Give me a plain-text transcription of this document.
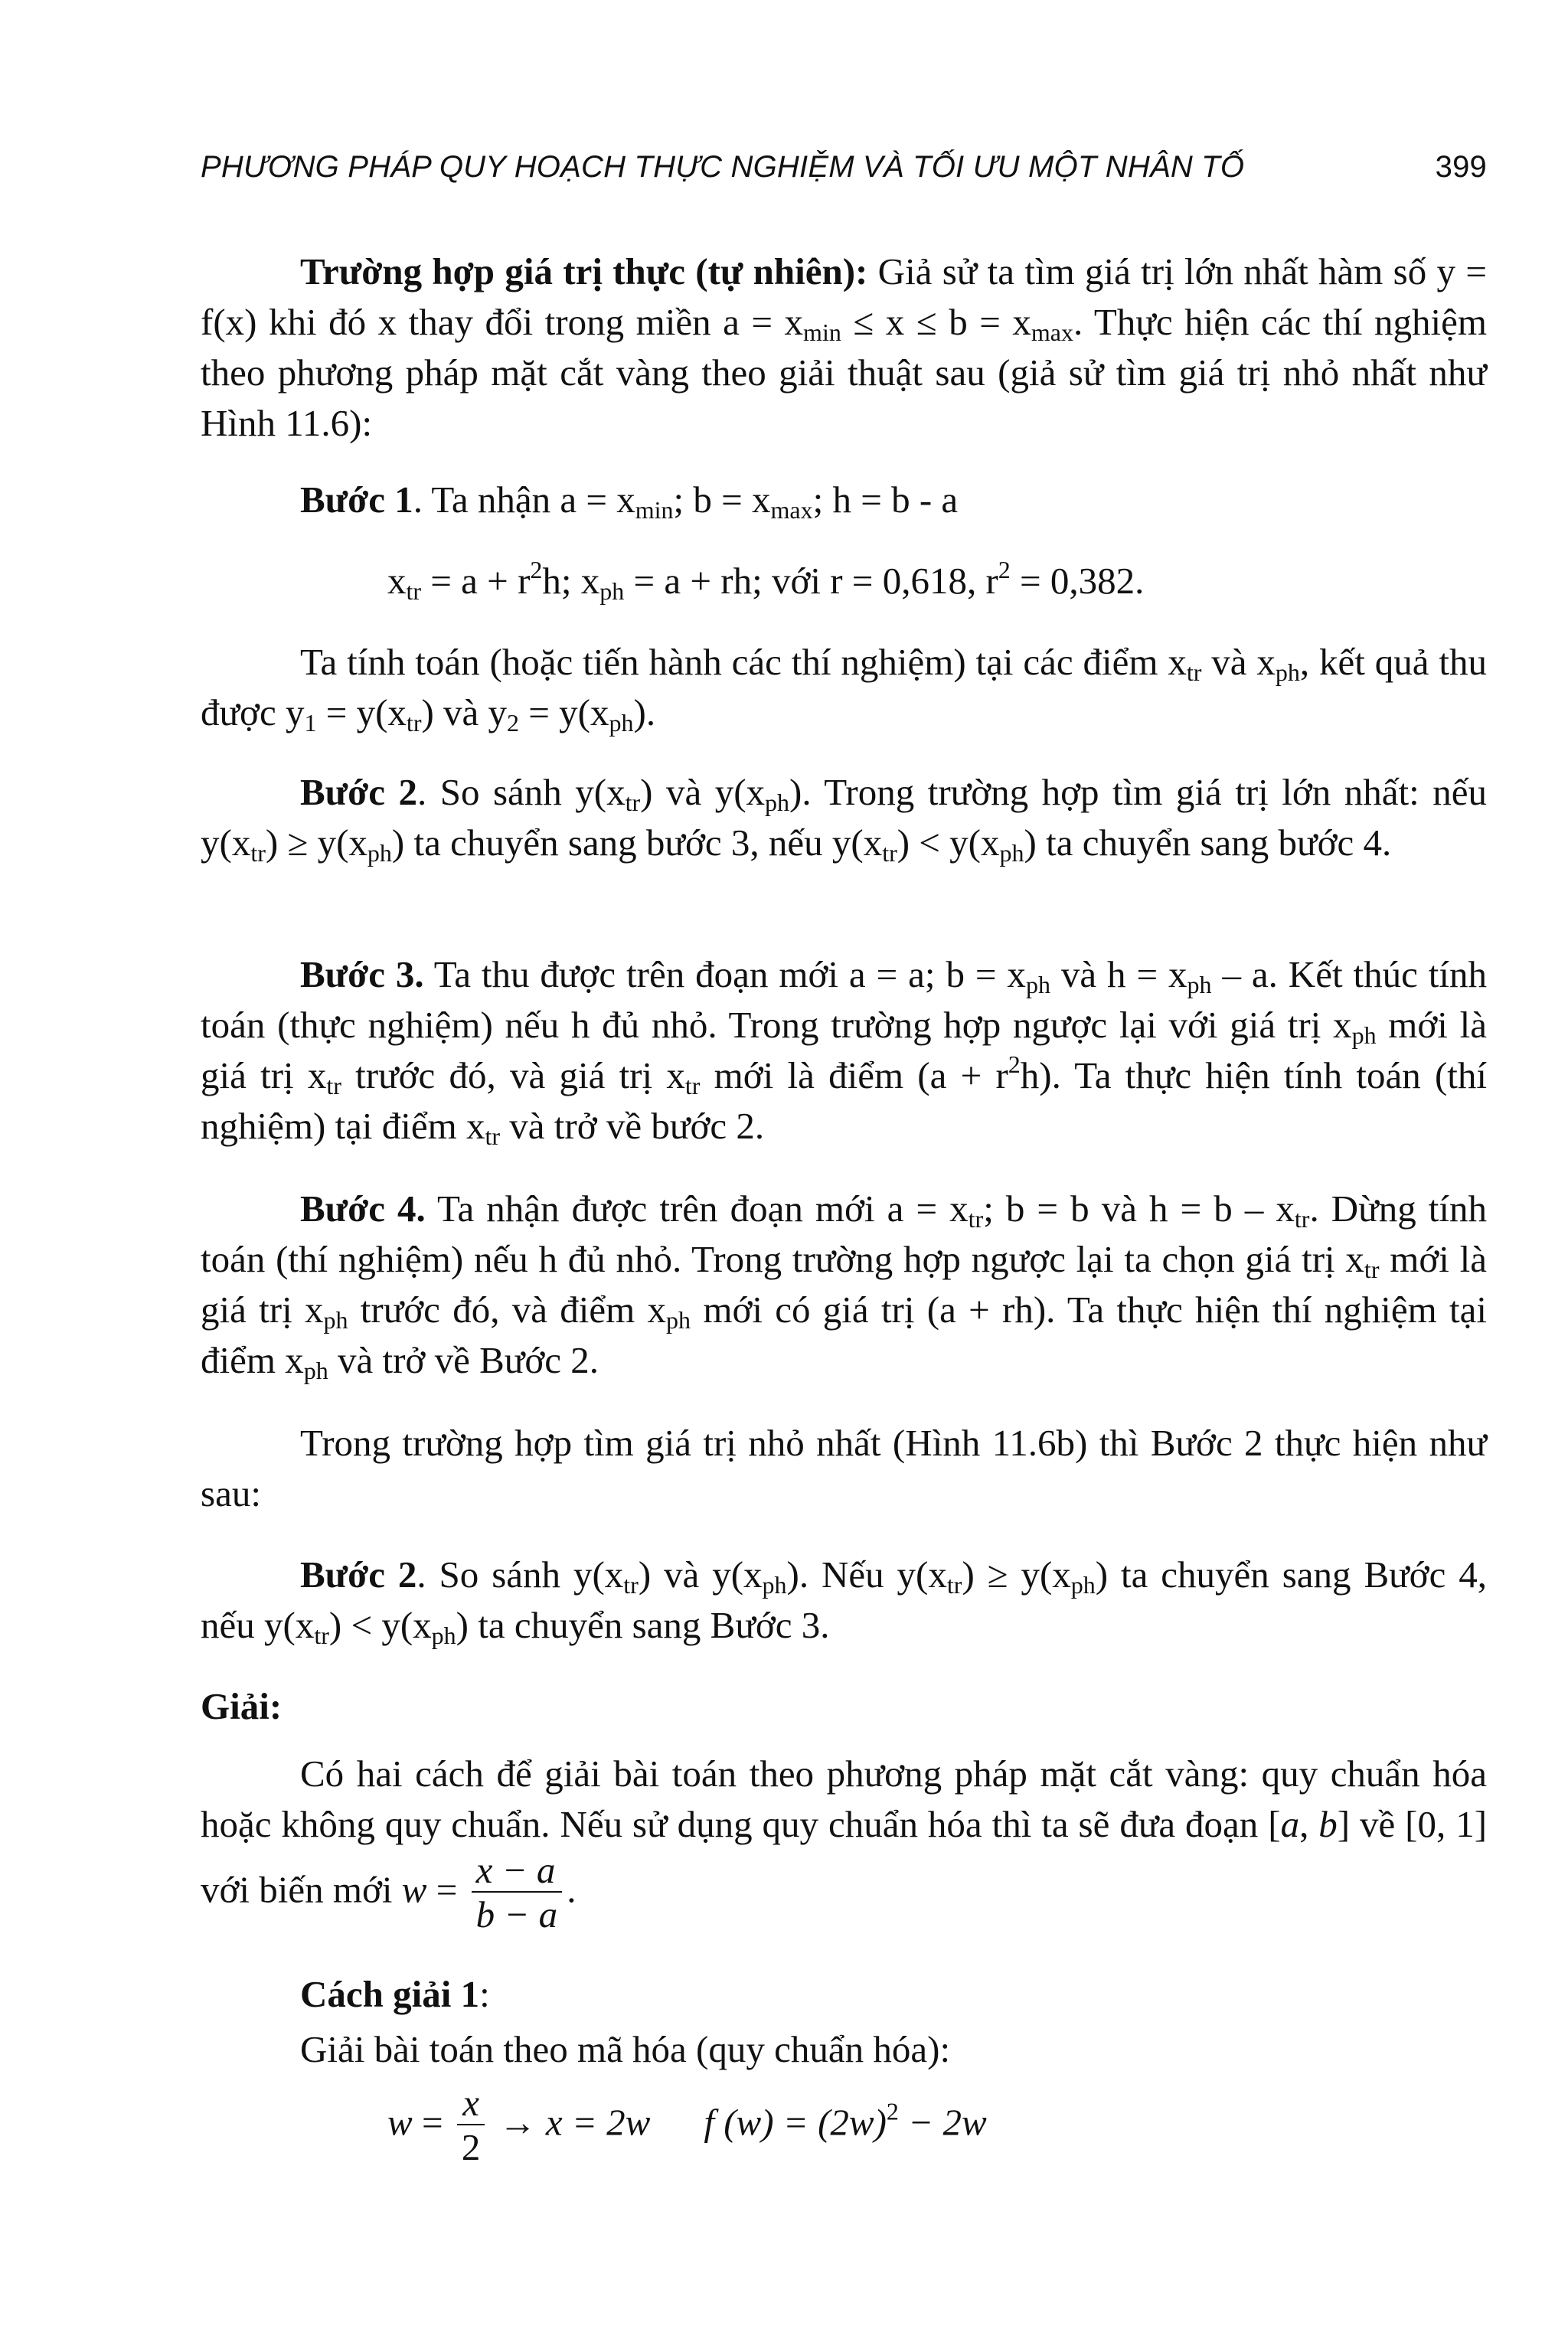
PHƯƠNG PHÁP QUY HOẠCH THỰC NGHIỆM VÀ TỐI ƯU MỘT NHÂN TỐ	399
Trường hợp giá trị thực (tự nhiên): Giả sử ta tìm giá trị lớn nhất hàm số y = f(x) khi đó x thay đổi trong miền $a = x_{min} \le x \le b = x_{max}$. Thực hiện các thí nghiệm theo phương pháp mặt cắt vàng theo giải thuật sau (giả sử tìm giá trị nhỏ nhất như Hình 11.6):
Bước 1. Ta nhận $a = x_{min}$; $b = x_{max}$; h = b - a
$x_{tr} = a + r^2h$; $x_{ph} = a$ + rh; với r = 0,618, $r^2 = 0,382$.
Ta tính toán (hoặc tiến hành các thí nghiệm) tại các điểm $x_{tr}$ và $x_{ph}$, kết quả thu được $y_1 = y(x_{tr})$ và $y_2 = y(x_{ph})$.
Bước 2. So sánh $y(x_{tr})$ và $y(x_{ph})$. Trong trường hợp tìm giá trị lớn nhất: nếu $y(x_{tr}) \ge y(x_{ph})$ ta chuyển sang bước 3, nếu $y(x_{tr}) < y(x_{ph})$ ta chuyển sang bước 4.
Bước 3. Ta thu được trên đoạn mới a = a; $b = x_{ph}$ và $h = x_{ph} - a$. Kết thúc tính toán (thực nghiệm) nếu h đủ nhỏ. Trong trường hợp ngược lại với giá trị $x_{ph}$ mới là giá trị $x_{tr}$ trước đó, và giá trị $x_{tr}$ mới là điểm $(a + r^2h)$. Ta thực hiện tính toán (thí nghiệm) tại điểm $x_{tr}$ và trở về bước 2.
Bước 4. Ta nhận được trên đoạn mới $a = x_{tr}$; b = b và $h = b - x_{tr}$. Dừng tính toán (thí nghiệm) nếu h đủ nhỏ. Trong trường hợp ngược lại ta chọn giá trị $x_{tr}$ mới là giá trị $x_{ph}$ trước đó, và điểm $x_{ph}$ mới có giá trị (a + rh). Ta thực hiện thí nghiệm tại điểm $x_{ph}$ và trở về Bước 2.
Trong trường hợp tìm giá trị nhỏ nhất (Hình 11.6b) thì Bước 2 thực hiện như sau:
Bước 2. So sánh $y(x_{tr})$ và $y(x_{ph})$. Nếu $y(x_{tr}) \ge y(x_{ph})$ ta chuyển sang Bước 4, nếu $y(x_{tr}) < y(x_{ph})$ ta chuyển sang Bước 3.
Giải:
Có hai cách để giải bài toán theo phương pháp mặt cắt vàng: quy chuẩn hóa hoặc không quy chuẩn. Nếu sử dụng quy chuẩn hóa thì ta sẽ đưa đoạn [a, b] về [0, 1] với biến mới $w = \frac{x - a}{b - a}$ .
Cách giải 1:
Giải bài toán theo mã hóa (quy chuẩn hóa):
$w = \frac{x}{2} \to x = 2w$ f $(w) = (2w)^2 - 2w$
